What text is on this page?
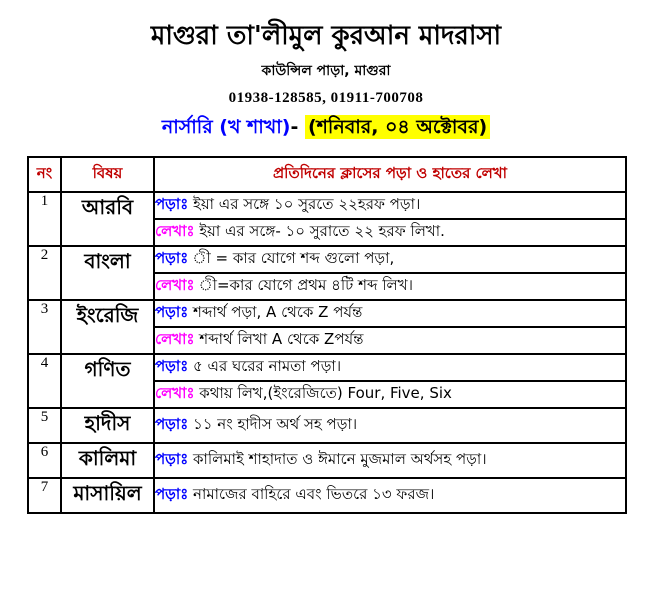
মাগুরা তা'লীমুল কুরআন মাদরাসা
কাউন্সিল পাড়া, মাগুরা
01938-128585, 01911-700708
নার্সারি (খ শাখা)- (শনিবার, ০৪ অক্টোবর)
নং	বিষয়	প্রতিদিনের ক্লাসের পড়া ও হাতের লেখা
1	আরবি	পড়াঃ ইয়া এর সঙ্গে ১০ সুরতে ২২হরফ পড়া।
		লেখাঃ ইয়া এর সঙ্গে- ১০ সুরাতে ২২ হরফ লিখা.
2	বাংলা	পড়াঃ ী = কার যোগে শব্দ গুলো পড়া,
		লেখাঃ ী=কার যোগে প্রথম ৪টি শব্দ লিখ।
3	ইংরেজি	পড়াঃ শব্দার্থ পড়া, A থেকে Z পর্যন্ত
		লেখাঃ শব্দার্থ লিখা A থেকে Zপর্যন্ত
4	গণিত	পড়াঃ ৫ এর ঘরের নামতা পড়া।
		লেখাঃ কথায় লিখ,(ইংরেজিতে) Four, Five, Six
5	হাদীস	পড়াঃ ১১ নং হাদীস অর্থ সহ পড়া।
6	কালিমা	পড়াঃ কালিমাই শাহাদাত ও ঈমানে মুজমাল অর্থসহ পড়া।
7	মাসায়িল	পড়াঃ নামাজের বাহিরে এবং ভিতরে ১৩ ফরজ।
